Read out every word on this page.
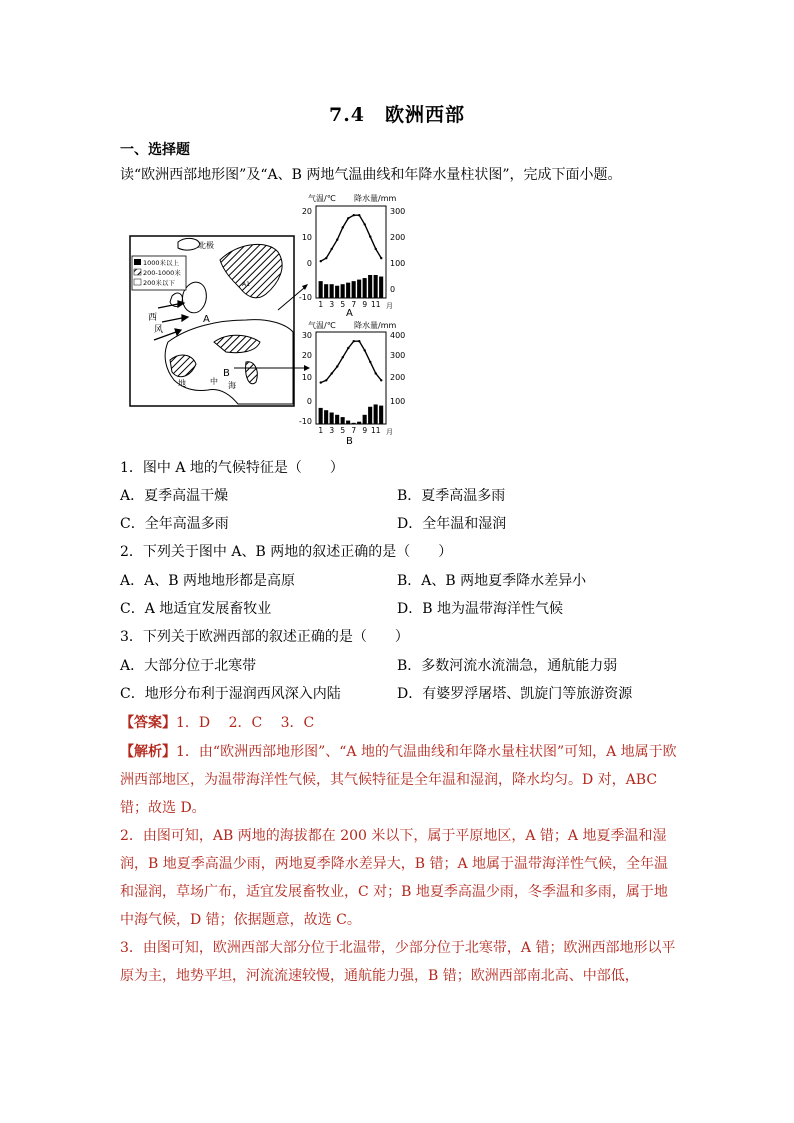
7.4　欧洲西部
一、选择题
读“欧洲西部地形图”及“A、B 两地气温曲线和年降水量柱状图”，完成下面小题。
1000米以上
200-1000米
200米以下
北极
西
风
A
B
A1
地	中 海
气温/℃ 降水量/mm
20
10
0
-10
300
200
100
0
1 3 5 7 9 11 月
A
气温/℃ 降水量/mm
30
20
10
0
-10
400
300
200
100
1 3 5 7 9 11 月
B
1．图中 A 地的气候特征是（　　）
A．夏季高温干燥	B．夏季高温多雨
C．全年高温多雨	D．全年温和湿润
2．下列关于图中 A、B 两地的叙述正确的是（　　）
A．A、B 两地地形都是高原	B．A、B 两地夏季降水差异小
C．A 地适宜发展畜牧业	D．B 地为温带海洋性气候
3．下列关于欧洲西部的叙述正确的是（　　）
A．大部分位于北寒带	B．多数河流水流湍急，通航能力弱
C．地形分布利于湿润西风深入内陆	D．有婆罗浮屠塔、凯旋门等旅游资源
【答案】1．D　 2．C　 3．C
【解析】1．由“欧洲西部地形图”、“A 地的气温曲线和年降水量柱状图”可知，A 地属于欧洲西部地区，为温带海洋性气候，其气候特征是全年温和湿润，降水均匀。D 对，ABC 错；故选 D。
2．由图可知，AB 两地的海拔都在 200 米以下，属于平原地区，A 错；A 地夏季温和湿润，B 地夏季高温少雨，两地夏季降水差异大，B 错；A 地属于温带海洋性气候，全年温和湿润，草场广布，适宜发展畜牧业，C 对；B 地夏季高温少雨，冬季温和多雨，属于地中海气候，D 错；依据题意，故选 C。
3．由图可知，欧洲西部大部分位于北温带，少部分位于北寒带，A 错；欧洲西部地形以平原为主，地势平坦，河流流速较慢，通航能力强，B 错；欧洲西部南北高、中部低，
